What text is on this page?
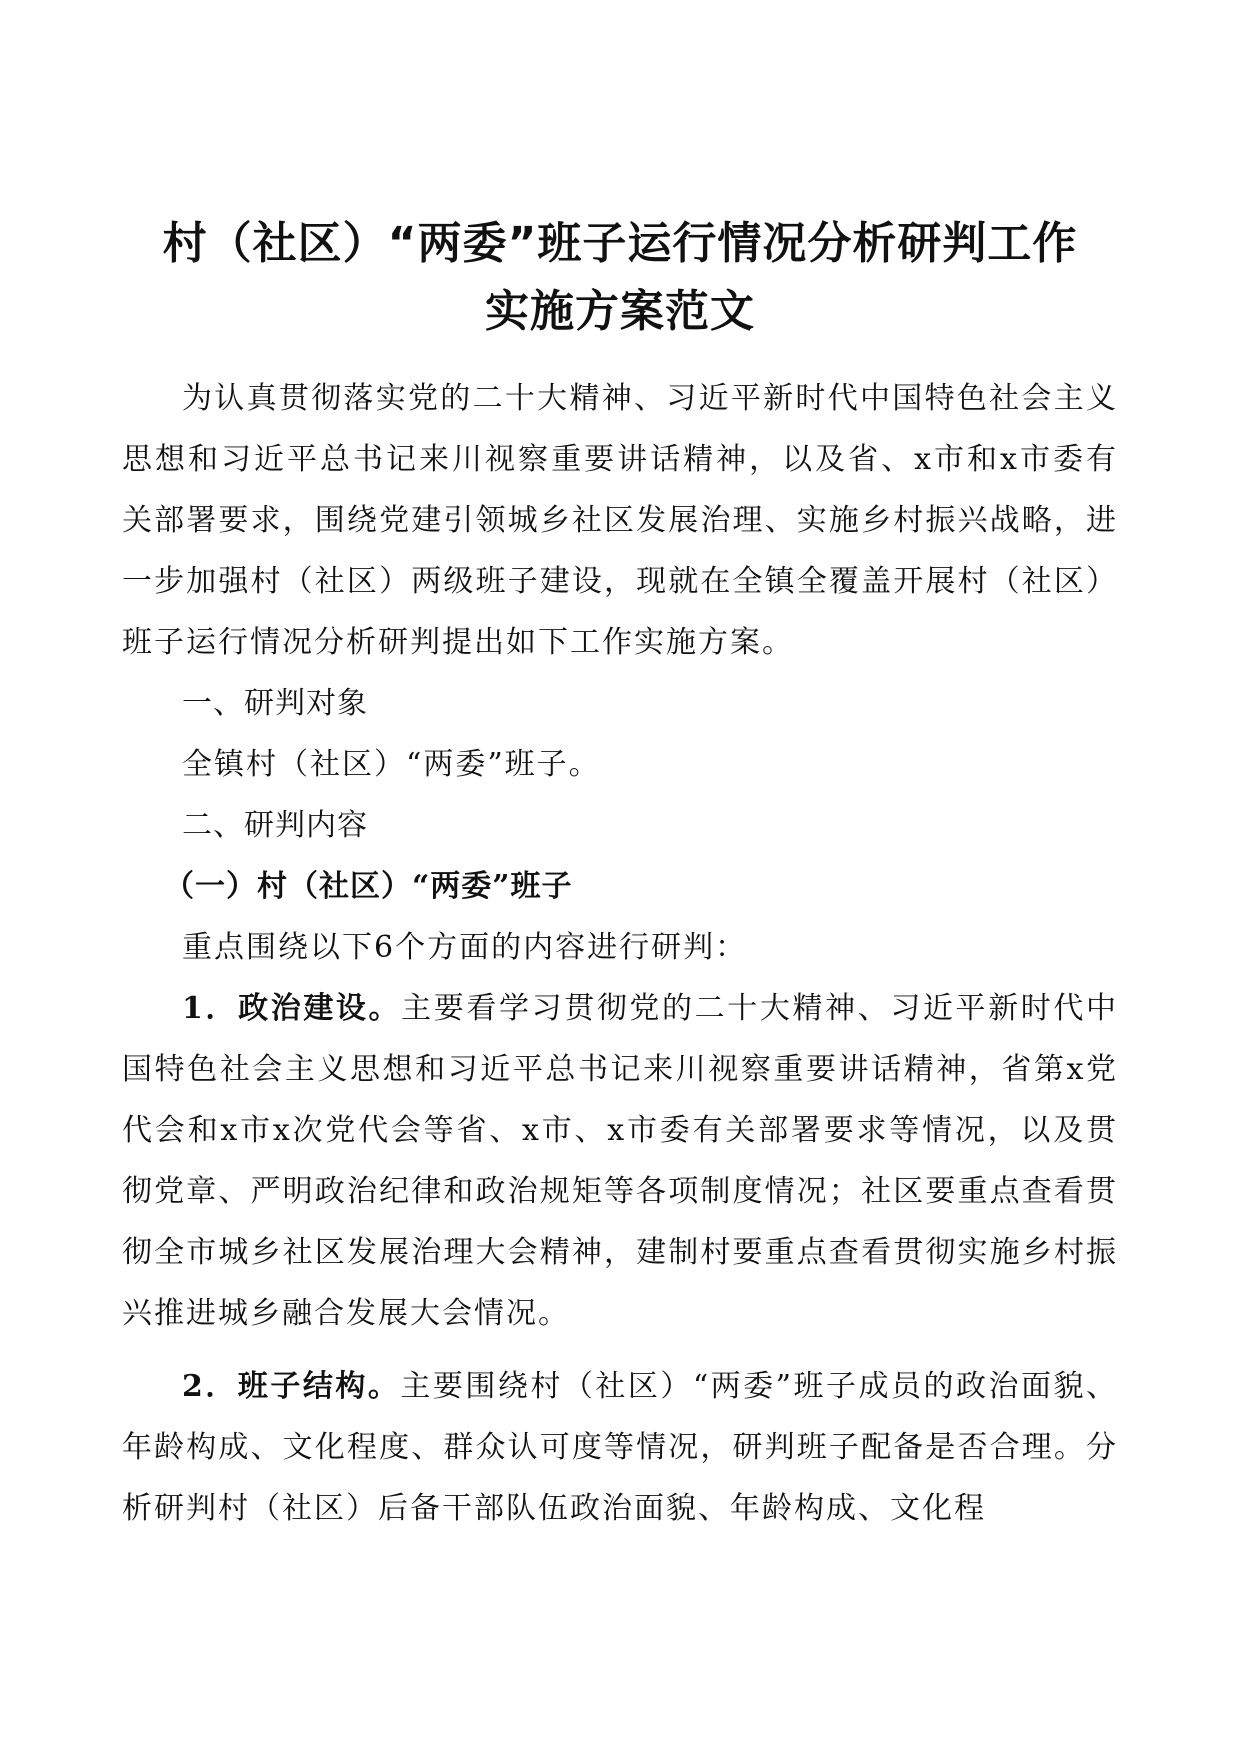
村（社区）“两委”班子运行情况分析研判工作
实施方案范文

为认真贯彻落实党的二十大精神、习近平新时代中国特色社会主义思想和习近平总书记来川视察重要讲话精神，以及省、x市和x市委有关部署要求，围绕党建引领城乡社区发展治理、实施乡村振兴战略，进一步加强村（社区）两级班子建设，现就在全镇全覆盖开展村（社区）班子运行情况分析研判提出如下工作实施方案。

一、研判对象

全镇村（社区）“两委”班子。

二、研判内容

（一）村（社区）“两委”班子

重点围绕以下6个方面的内容进行研判：

1．政治建设。主要看学习贯彻党的二十大精神、习近平新时代中国特色社会主义思想和习近平总书记来川视察重要讲话精神，省第x党代会和x市x次党代会等省、x市、x市委有关部署要求等情况，以及贯彻党章、严明政治纪律和政治规矩等各项制度情况；社区要重点查看贯彻全市城乡社区发展治理大会精神，建制村要重点查看贯彻实施乡村振兴推进城乡融合发展大会情况。

2．班子结构。主要围绕村（社区）“两委”班子成员的政治面貌、年龄构成、文化程度、群众认可度等情况，研判班子配备是否合理。分析研判村（社区）后备干部队伍政治面貌、年龄构成、文化程
